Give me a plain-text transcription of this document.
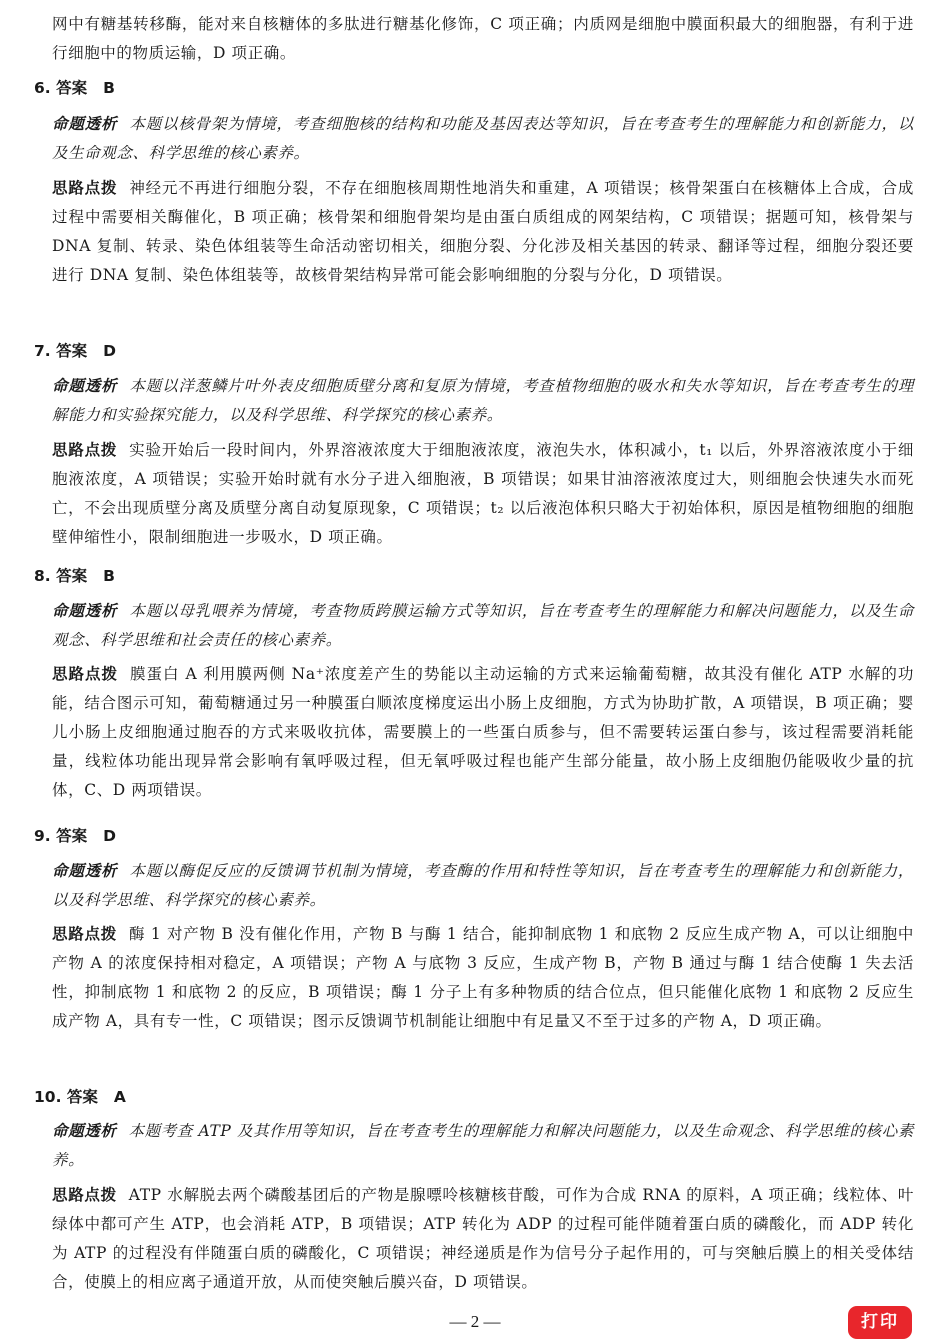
网中有糖基转移酶，能对来自核糖体的多肽进行糖基化修饰，C 项正确；内质网是细胞中膜面积最大的细胞器，有利于进行细胞中的物质运输，D 项正确。

6. 答案 B

命题透析 本题以核骨架为情境，考查细胞核的结构和功能及基因表达等知识，旨在考查考生的理解能力和创新能力，以及生命观念、科学思维的核心素养。

思路点拨 神经元不再进行细胞分裂，不存在细胞核周期性地消失和重建，A 项错误；核骨架蛋白在核糖体上合成，合成过程中需要相关酶催化，B 项正确；核骨架和细胞骨架均是由蛋白质组成的网架结构，C 项错误；据题可知，核骨架与 DNA 复制、转录、染色体组装等生命活动密切相关，细胞分裂、分化涉及相关基因的转录、翻译等过程，细胞分裂还要进行 DNA 复制、染色体组装等，故核骨架结构异常可能会影响细胞的分裂与分化，D 项错误。

7. 答案 D

命题透析 本题以洋葱鳞片叶外表皮细胞质壁分离和复原为情境，考查植物细胞的吸水和失水等知识，旨在考查考生的理解能力和实验探究能力，以及科学思维、科学探究的核心素养。

思路点拨 实验开始后一段时间内，外界溶液浓度大于细胞液浓度，液泡失水，体积减小，t₁ 以后，外界溶液浓度小于细胞液浓度，A 项错误；实验开始时就有水分子进入细胞液，B 项错误；如果甘油溶液浓度过大，则细胞会快速失水而死亡，不会出现质壁分离及质壁分离自动复原现象，C 项错误；t₂ 以后液泡体积只略大于初始体积，原因是植物细胞的细胞壁伸缩性小，限制细胞进一步吸水，D 项正确。

8. 答案 B

命题透析 本题以母乳喂养为情境，考查物质跨膜运输方式等知识，旨在考查考生的理解能力和解决问题能力，以及生命观念、科学思维和社会责任的核心素养。

思路点拨 膜蛋白 A 利用膜两侧 Na⁺浓度差产生的势能以主动运输的方式来运输葡萄糖，故其没有催化 ATP 水解的功能，结合图示可知，葡萄糖通过另一种膜蛋白顺浓度梯度运出小肠上皮细胞，方式为协助扩散，A 项错误，B 项正确；婴儿小肠上皮细胞通过胞吞的方式来吸收抗体，需要膜上的一些蛋白质参与，但不需要转运蛋白参与，该过程需要消耗能量，线粒体功能出现异常会影响有氧呼吸过程，但无氧呼吸过程也能产生部分能量，故小肠上皮细胞仍能吸收少量的抗体，C、D 两项错误。

9. 答案 D

命题透析 本题以酶促反应的反馈调节机制为情境，考查酶的作用和特性等知识，旨在考查考生的理解能力和创新能力，以及科学思维、科学探究的核心素养。

思路点拨 酶 1 对产物 B 没有催化作用，产物 B 与酶 1 结合，能抑制底物 1 和底物 2 反应生成产物 A，可以让细胞中产物 A 的浓度保持相对稳定，A 项错误；产物 A 与底物 3 反应，生成产物 B，产物 B 通过与酶 1 结合使酶 1 失去活性，抑制底物 1 和底物 2 的反应，B 项错误；酶 1 分子上有多种物质的结合位点，但只能催化底物 1 和底物 2 反应生成产物 A，具有专一性，C 项错误；图示反馈调节机制能让细胞中有足量又不至于过多的产物 A，D 项正确。

10. 答案 A

命题透析 本题考查 ATP 及其作用等知识，旨在考查考生的理解能力和解决问题能力，以及生命观念、科学思维的核心素养。

思路点拨 ATP 水解脱去两个磷酸基团后的产物是腺嘌呤核糖核苷酸，可作为合成 RNA 的原料，A 项正确；线粒体、叶绿体中都可产生 ATP，也会消耗 ATP，B 项错误；ATP 转化为 ADP 的过程可能伴随着蛋白质的磷酸化，而 ADP 转化为 ATP 的过程没有伴随蛋白质的磷酸化，C 项错误；神经递质是作为信号分子起作用的，可与突触后膜上的相关受体结合，使膜上的相应离子通道开放，从而使突触后膜兴奋，D 项错误。

— 2 —	打印
